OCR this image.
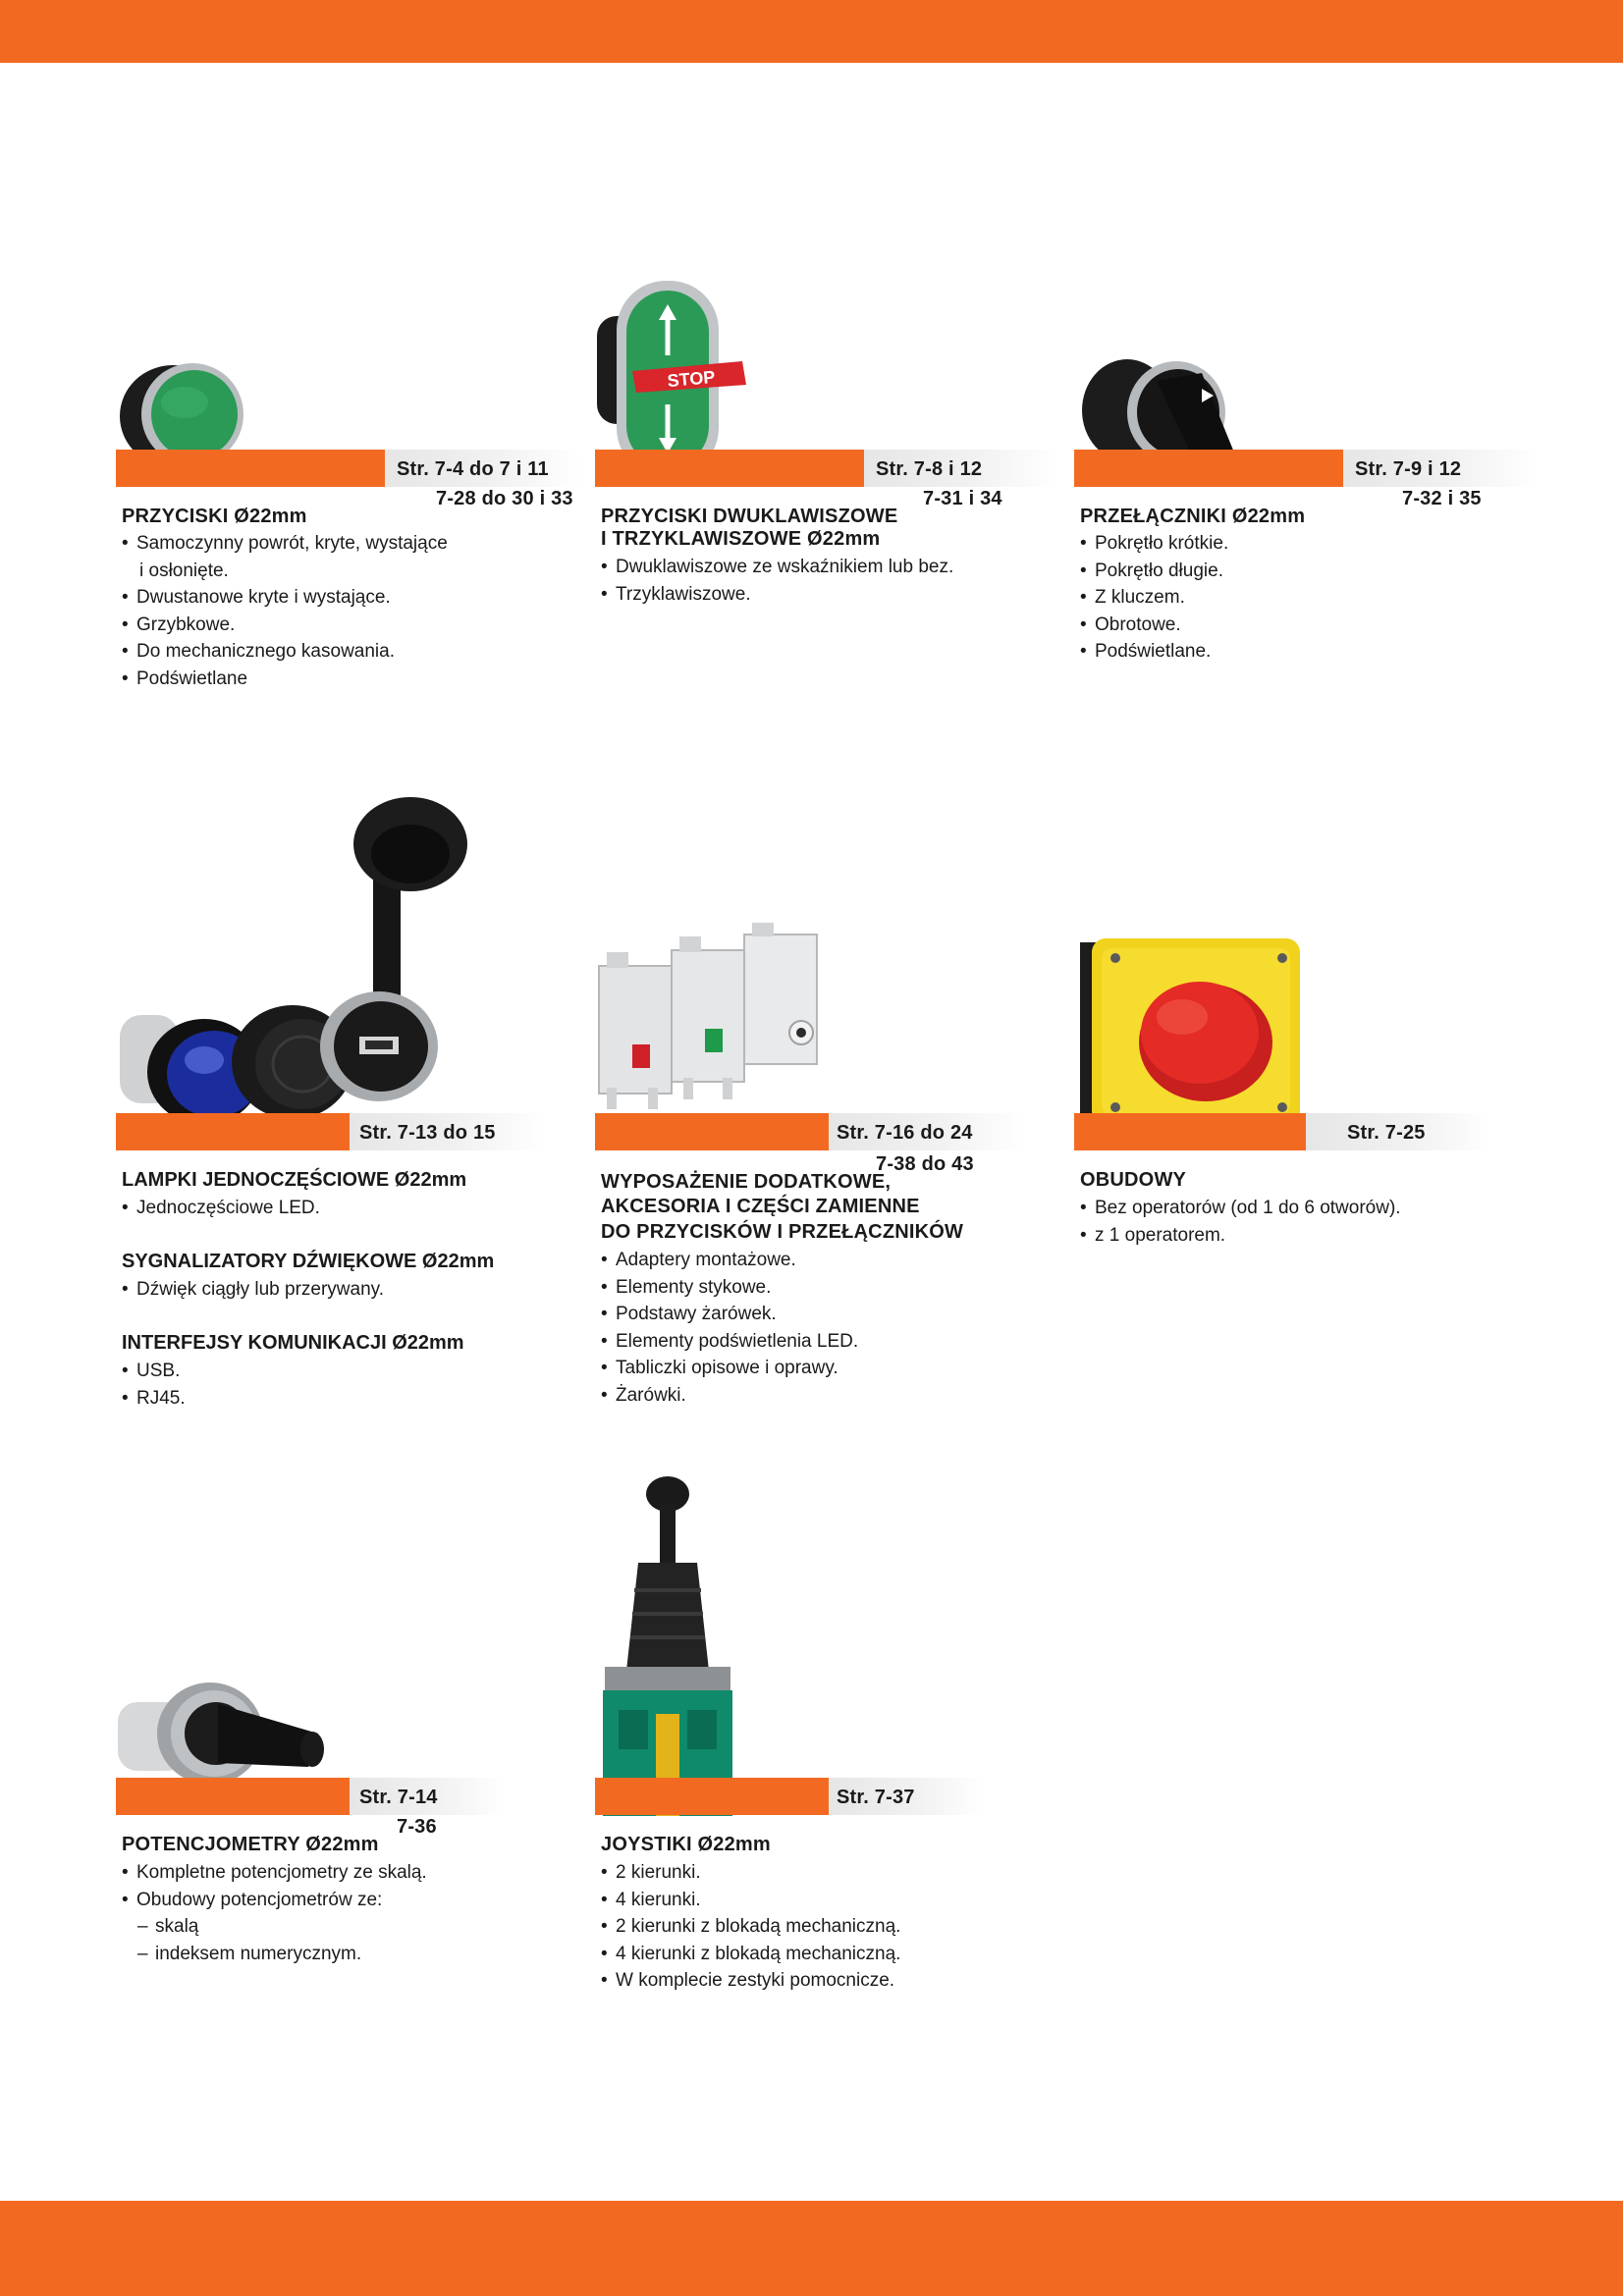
Str. 7-4 do 7 i 11
7-28 do 30 i 33
PRZYCISKI Ø22mm
• Samoczynny powrót, kryte, wystające
i osłonięte.
• Dwustanowe kryte i wystające.
• Grzybkowe.
• Do mechanicznego kasowania.
• Podświetlane
STOP
Str. 7-8 i 12
7-31 i 34
PRZYCISKI DWUKLAWISZOWE
I TRZYKLAWISZOWE Ø22mm
• Dwuklawiszowe ze wskaźnikiem lub bez.
• Trzyklawiszowe.
Str. 7-9 i 12
7-32 i 35
PRZEŁĄCZNIKI Ø22mm
• Pokrętło krótkie.
• Pokrętło długie.
• Z kluczem.
• Obrotowe.
• Podświetlane.
Str. 7-13 do 15
LAMPKI JEDNOCZĘŚCIOWE Ø22mm
• Jednoczęściowe LED.
SYGNALIZATORY DŹWIĘKOWE Ø22mm
• Dźwięk ciągły lub przerywany.
INTERFEJSY KOMUNIKACJI Ø22mm
• USB.
• RJ45.
Str. 7-16 do 24
7-38 do 43
WYPOSAŻENIE DODATKOWE,
AKCESORIA I CZĘŚCI ZAMIENNE
DO PRZYCISKÓW I PRZEŁĄCZNIKÓW
• Adaptery montażowe.
• Elementy stykowe.
• Podstawy żarówek.
• Elementy podświetlenia LED.
• Tabliczki opisowe i oprawy.
• Żarówki.
Str. 7-25
OBUDOWY
• Bez operatorów (od 1 do 6 otworów).
• z 1 operatorem.
Str. 7-14
7-36
POTENCJOMETRY Ø22mm
• Kompletne potencjometry ze skalą.
• Obudowy potencjometrów ze:
– skalą
– indeksem numerycznym.
Str. 7-37
JOYSTIKI Ø22mm
• 2 kierunki.
• 4 kierunki.
• 2 kierunki z blokadą mechaniczną.
• 4 kierunki z blokadą mechaniczną.
• W komplecie zestyki pomocnicze.
